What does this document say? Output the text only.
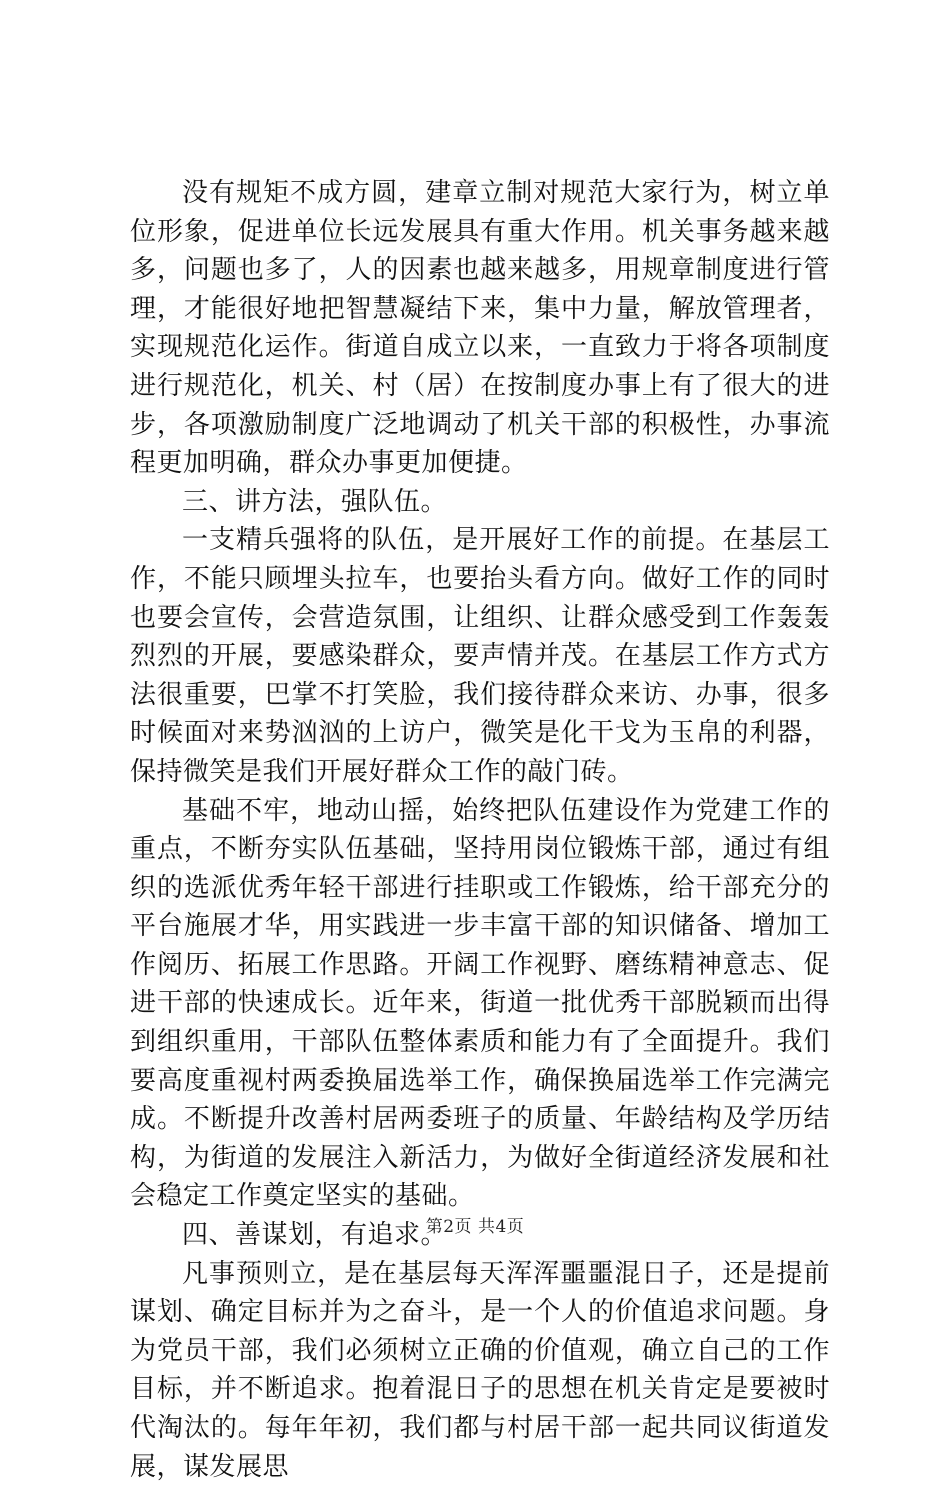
没有规矩不成方圆，建章立制对规范大家行为，树立单位形象，促进单位长远发展具有重大作用。机关事务越来越多，问题也多了，人的因素也越来越多，用规章制度进行管理，才能很好地把智慧凝结下来，集中力量，解放管理者，实现规范化运作。街道自成立以来，一直致力于将各项制度进行规范化，机关、村（居）在按制度办事上有了很大的进步，各项激励制度广泛地调动了机关干部的积极性，办事流程更加明确，群众办事更加便捷。

三、讲方法，强队伍。

一支精兵强将的队伍，是开展好工作的前提。在基层工作，不能只顾埋头拉车，也要抬头看方向。做好工作的同时也要会宣传，会营造氛围，让组织、让群众感受到工作轰轰烈烈的开展，要感染群众，要声情并茂。在基层工作方式方法很重要，巴掌不打笑脸，我们接待群众来访、办事，很多时候面对来势汹汹的上访户，微笑是化干戈为玉帛的利器，保持微笑是我们开展好群众工作的敲门砖。

基础不牢，地动山摇，始终把队伍建设作为党建工作的重点，不断夯实队伍基础，坚持用岗位锻炼干部，通过有组织的选派优秀年轻干部进行挂职或工作锻炼，给干部充分的平台施展才华，用实践进一步丰富干部的知识储备、增加工作阅历、拓展工作思路。开阔工作视野、磨练精神意志、促进干部的快速成长。近年来，街道一批优秀干部脱颖而出得到组织重用，干部队伍整体素质和能力有了全面提升。我们要高度重视村两委换届选举工作，确保换届选举工作完满完成。不断提升改善村居两委班子的质量、年龄结构及学历结构，为街道的发展注入新活力，为做好全街道经济发展和社会稳定工作奠定坚实的基础。

四、善谋划，有追求。

凡事预则立，是在基层每天浑浑噩噩混日子，还是提前谋划、确定目标并为之奋斗，是一个人的价值追求问题。身为党员干部，我们必须树立正确的价值观，确立自己的工作目标，并不断追求。抱着混日子的思想在机关肯定是要被时代淘汰的。每年年初，我们都与村居干部一起共同议街道发展，谋发展思

第2页 共4页
